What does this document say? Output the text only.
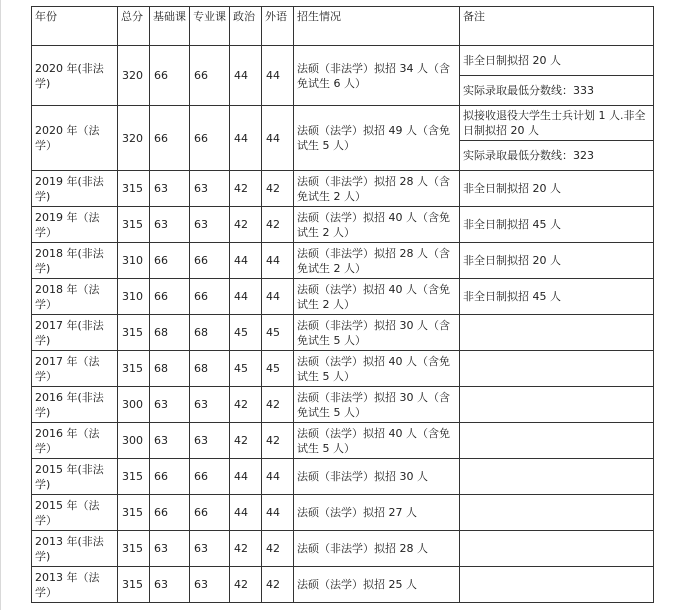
年份	总分	基础课	专业课	政治	外语	招生情况	备注
2020 年(非法学)	320	66	66	44	44	法硕（非法学）拟招 34 人（含免试生 6 人）	非全日制拟招 20 人
							实际录取最低分数线：333
2020 年（法学）	320	66	66	44	44	法硕（法学）拟招 49 人（含免试生 5 人）	拟接收退役大学生士兵计划 1 人.非全日制拟招 20 人
							实际录取最低分数线：323
2019 年(非法学)	315	63	63	42	42	法硕（非法学）拟招 28 人（含免试生 2 人）	非全日制拟招 20 人
2019 年（法学）	315	63	63	42	42	法硕（法学）拟招 40 人（含免试生 2 人）	非全日制拟招 45 人
2018 年(非法学)	310	66	66	44	44	法硕（非法学）拟招 28 人（含免试生 2 人）	非全日制拟招 20 人
2018 年（法学）	310	66	66	44	44	法硕（法学）拟招 40 人（含免试生 2 人）	非全日制拟招 45 人
2017 年(非法学)	315	68	68	45	45	法硕（非法学）拟招 30 人（含免试生 5 人）	
2017 年（法学）	315	68	68	45	45	法硕（法学）拟招 40 人（含免试生 5 人）	
2016 年(非法学)	300	63	63	42	42	法硕（非法学）拟招 30 人（含免试生 5 人）	
2016 年（法学）	300	63	63	42	42	法硕（法学）拟招 40 人（含免试生 5 人）	
2015 年(非法学)	315	66	66	44	44	法硕（非法学）拟招 30 人	
2015 年（法学）	315	66	66	44	44	法硕（法学）拟招 27 人	
2013 年(非法学)	315	63	63	42	42	法硕（非法学）拟招 28 人	
2013 年（法学）	315	63	63	42	42	法硕（法学）拟招 25 人	
